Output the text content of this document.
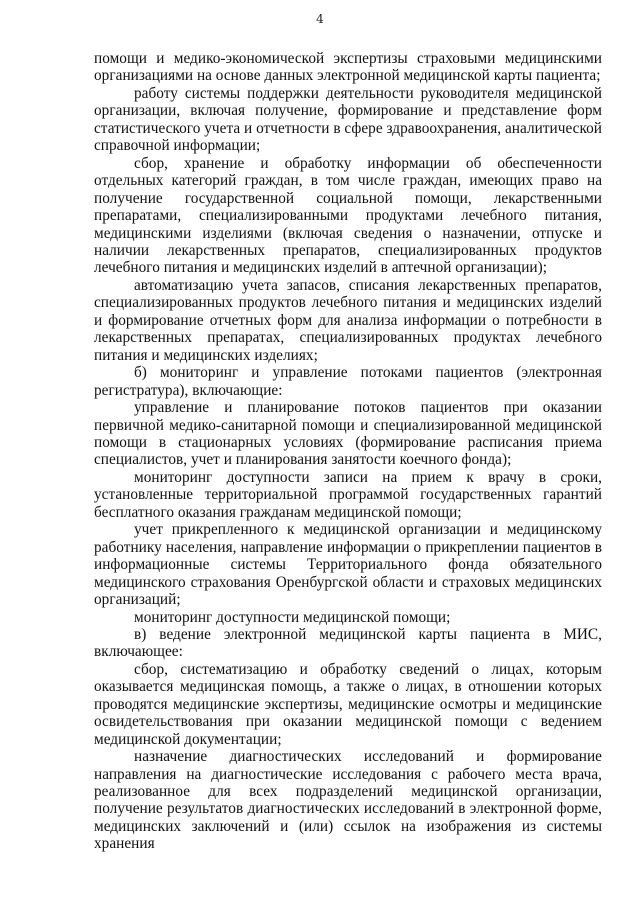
4

помощи и медико-экономической экспертизы страховыми медицинскими организациями на основе данных электронной медицинской карты пациента;

работу системы поддержки деятельности руководителя медицинской организации, включая получение, формирование и представление форм статистического учета и отчетности в сфере здравоохранения, аналитической справочной информации;

сбор, хранение и обработку информации об обеспеченности отдельных категорий граждан, в том числе граждан, имеющих право на получение государственной социальной помощи, лекарственными препаратами, специализированными продуктами лечебного питания, медицинскими изделиями (включая сведения о назначении, отпуске и наличии лекарственных препаратов, специализированных продуктов лечебного питания и медицинских изделий в аптечной организации);

автоматизацию учета запасов, списания лекарственных препаратов, специализированных продуктов лечебного питания и медицинских изделий и формирование отчетных форм для анализа информации о потребности в лекарственных препаратах, специализированных продуктах лечебного питания и медицинских изделиях;

б) мониторинг и управление потоками пациентов (электронная регистратура), включающие:

управление и планирование потоков пациентов при оказании первичной медико-санитарной помощи и специализированной медицинской помощи в стационарных условиях (формирование расписания приема специалистов, учет и планирования занятости коечного фонда);

мониторинг доступности записи на прием к врачу в сроки, установленные территориальной программой государственных гарантий бесплатного оказания гражданам медицинской помощи;

учет прикрепленного к медицинской организации и медицинскому работнику населения, направление информации о прикреплении пациентов в информационные системы Территориального фонда обязательного медицинского страхования Оренбургской области и страховых медицинских организаций;

мониторинг доступности медицинской помощи;

в) ведение электронной медицинской карты пациента в МИС, включающее:

сбор, систематизацию и обработку сведений о лицах, которым оказывается медицинская помощь, а также о лицах, в отношении которых проводятся медицинские экспертизы, медицинские осмотры и медицинские освидетельствования при оказании медицинской помощи с ведением медицинской документации;

назначение диагностических исследований и формирование направления на диагностические исследования с рабочего места врача, реализованное для всех подразделений медицинской организации, получение результатов диагностических исследований в электронной форме, медицинских заключений и (или) ссылок на изображения из системы хранения
